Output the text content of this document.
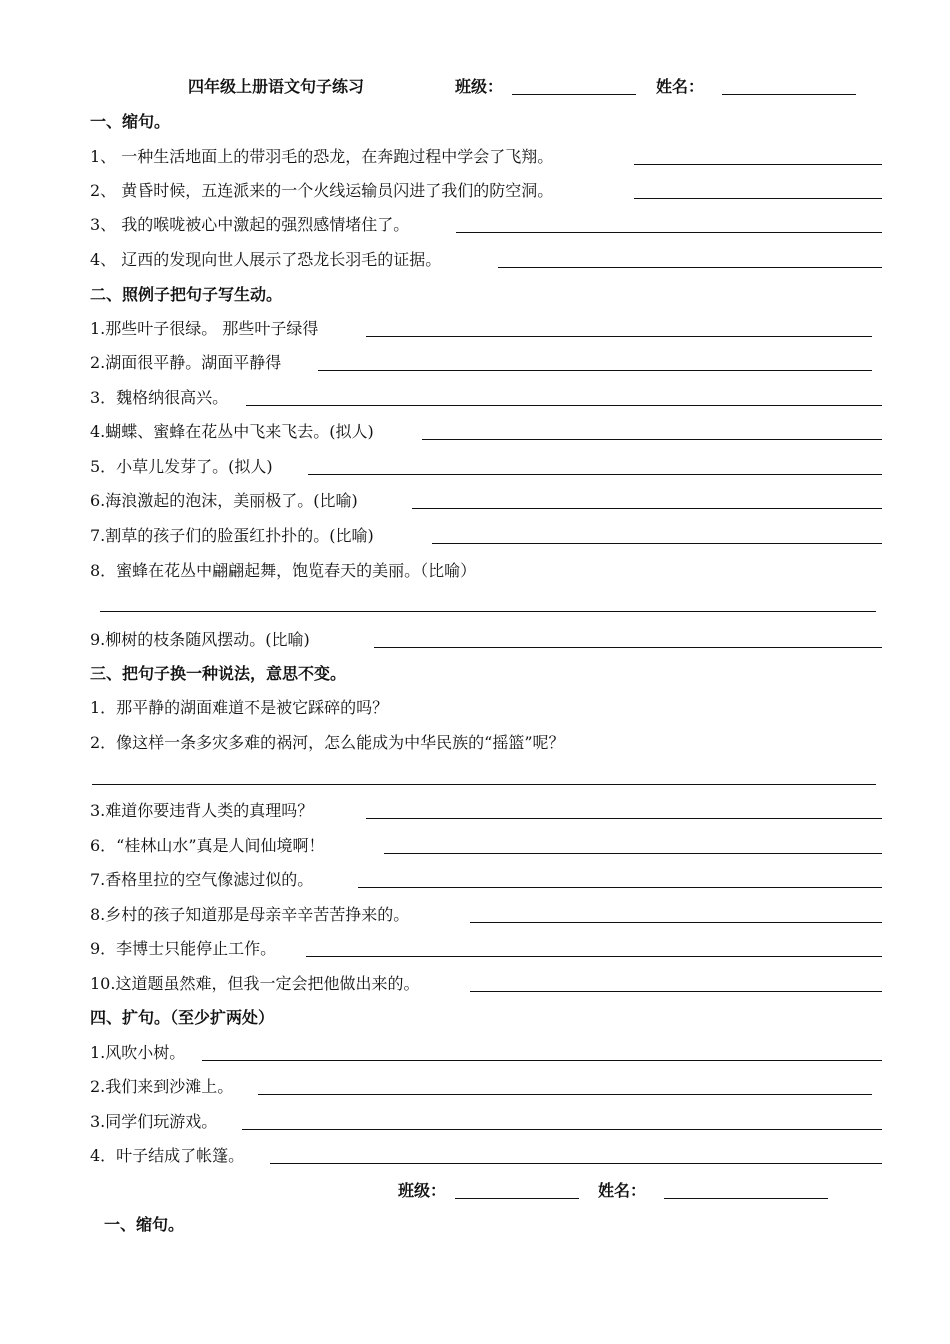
四年级上册语文句子练习	班级：	姓名：
一、缩句。
1、 一种生活地面上的带羽毛的恐龙，在奔跑过程中学会了飞翔。
2、 黄昏时候，五连派来的一个火线运输员闪进了我们的防空洞。
3、 我的喉咙被心中激起的强烈感情堵住了。
4、 辽西的发现向世人展示了恐龙长羽毛的证据。
二、照例子把句子写生动。
1.那些叶子很绿。 那些叶子绿得
2.湖面很平静。湖面平静得
3．魏格纳很高兴。
4.蝴蝶、蜜蜂在花丛中飞来飞去。(拟人)
5．小草儿发芽了。(拟人)
6.海浪激起的泡沫，美丽极了。(比喻)
7.割草的孩子们的脸蛋红扑扑的。(比喻)
8．蜜蜂在花丛中翩翩起舞，饱览春天的美丽。（比喻）
9.柳树的枝条随风摆动。(比喻)
三、把句子换一种说法，意思不变。
1．那平静的湖面难道不是被它踩碎的吗？
2．像这样一条多灾多难的祸河，怎么能成为中华民族的“摇篮”呢？
3.难道你要违背人类的真理吗？
6．“桂林山水”真是人间仙境啊！
7.香格里拉的空气像滤过似的。
8.乡村的孩子知道那是母亲辛辛苦苦挣来的。
9．李博士只能停止工作。
10.这道题虽然难，但我一定会把他做出来的。
四、扩句。（至少扩两处）
1.风吹小树。
2.我们来到沙滩上。
3.同学们玩游戏。
4．叶子结成了帐篷。
班级：	姓名：
一、缩句。
